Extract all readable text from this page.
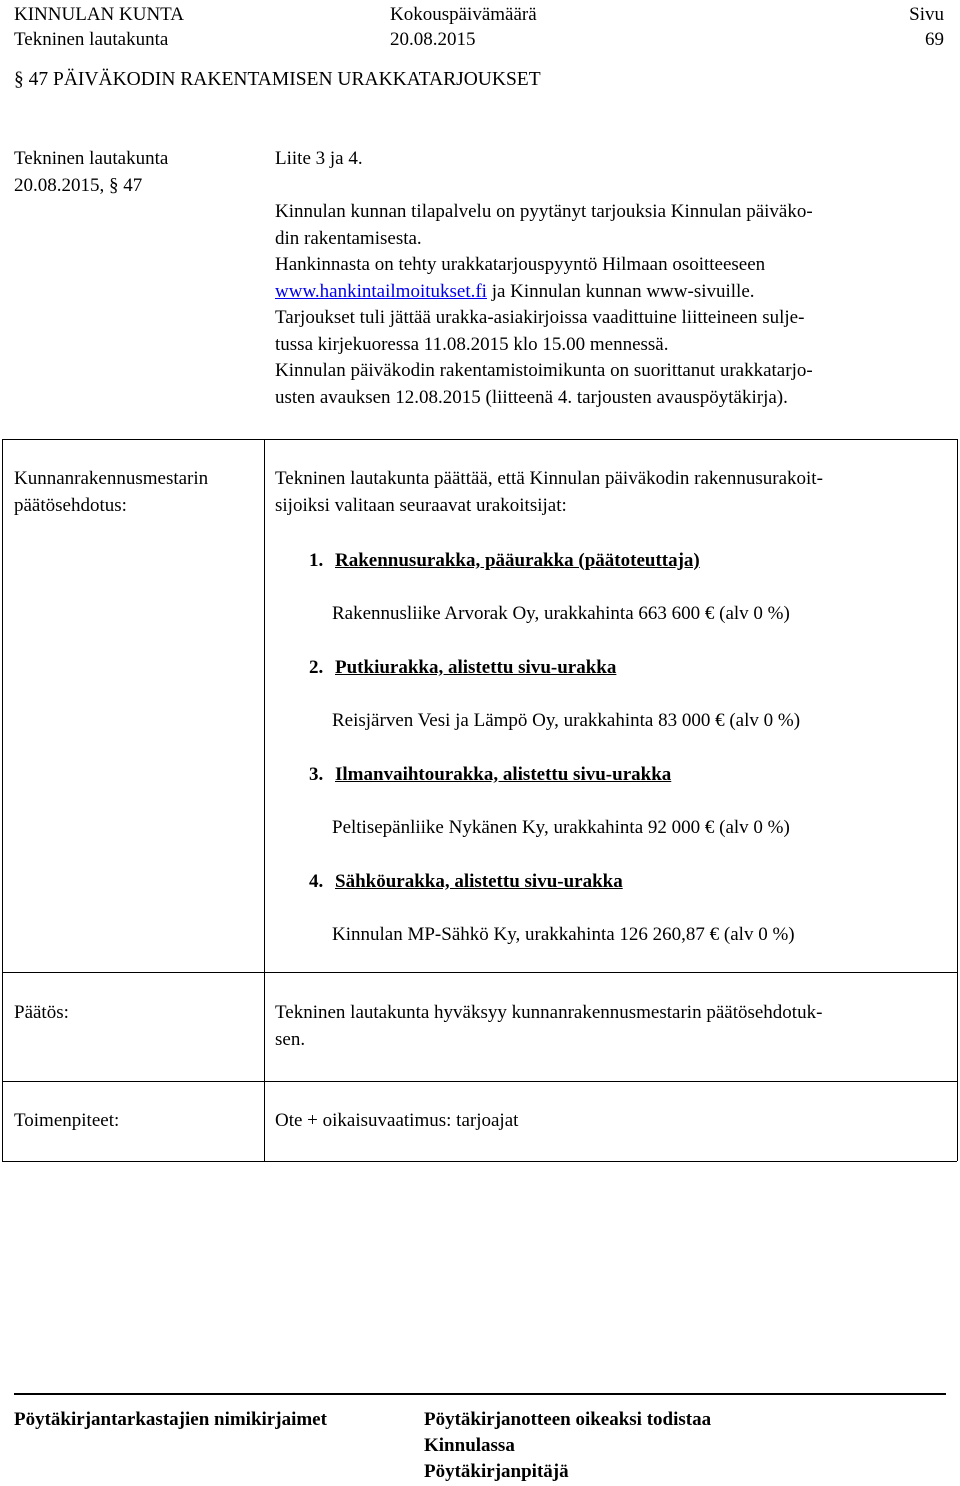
KINNULAN KUNTA	Kokouspäivämäärä	Sivu
Tekninen lautakunta	20.08.2015	69
§ 47 PÄIVÄKODIN RAKENTAMISEN URAKKATARJOUKSET
Tekninen lautakunta
20.08.2015, § 47
Liite 3 ja 4.
Kinnulan kunnan tilapalvelu on pyytänyt tarjouksia Kinnulan päiväko-
din rakentamisesta.
Hankinnasta on tehty urakkatarjouspyyntö Hilmaan osoitteeseen
www.hankintailmoitukset.fi ja Kinnulan kunnan www-sivuille.
Tarjoukset tuli jättää urakka-asiakirjoissa vaadittuine liitteineen sulje-
tussa kirjekuoressa 11.08.2015 klo 15.00 mennessä.
Kinnulan päiväkodin rakentamistoimikunta on suorittanut urakkatarjo-
usten avauksen 12.08.2015 (liitteenä 4. tarjousten avauspöytäkirja).
Kunnanrakennusmestarin
päätösehdotus:
Tekninen lautakunta päättää, että Kinnulan päiväkodin rakennusurakoit-
sijoiksi valitaan seuraavat urakoitsijat:
1. Rakennusurakka, pääurakka (päätoteuttaja)
Rakennusliike Arvorak Oy, urakkahinta 663 600 € (alv 0 %)
2. Putkiurakka, alistettu sivu-urakka
Reisjärven Vesi ja Lämpö Oy, urakkahinta 83 000 € (alv 0 %)
3. Ilmanvaihtourakka, alistettu sivu-urakka
Peltisepänliike Nykänen Ky, urakkahinta 92 000 € (alv 0 %)
4. Sähköurakka, alistettu sivu-urakka
Kinnulan MP-Sähkö Ky, urakkahinta 126 260,87 € (alv 0 %)
Päätös:	Tekninen lautakunta hyväksyy kunnanrakennusmestarin päätösehdotuk-
sen.
Toimenpiteet:	Ote + oikaisuvaatimus: tarjoajat
Pöytäkirjantarkastajien nimikirjaimet	Pöytäkirjanotteen oikeaksi todistaa
Kinnulassa
Pöytäkirjanpitäjä
